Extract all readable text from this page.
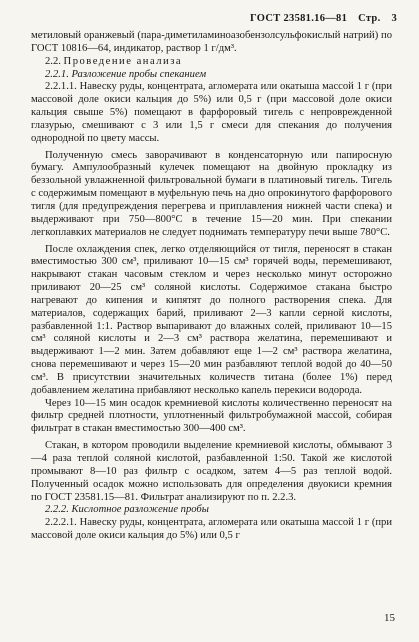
ГОСТ 23581.16—81 Стр. 3

метиловый оранжевый (пара-диметиламиноазобензолсульфокислый натрий) по ГОСТ 10816—64, индикатор, раствор 1 г/дм³.

2.2. Проведение анализа

2.2.1. Разложение пробы спеканием

2.2.1.1. Навеску руды, концентрата, агломерата или окатыша массой 1 г (при массовой доле окиси кальция до 5%) или 0,5 г (при массовой доле окиси кальция свыше 5%) помещают в фарфоровый тигель с непроврежденной глазурью, смешивают с 3 или 1,5 г смеси для спекания до получения однородной по цвету массы.

Полученную смесь заворачивают в конденсаторную или папиросную бумагу. Ампулообразный кулечек помещают на двойную прокладку из беззольной увлажненной фильтровальной бумаги в платиновый тигель. Тигель с содержимым помещают в муфельную печь на дно опрокинутого фарфорового тигля (для предупреждения перегрева и приплавления нижней части спека) и выдерживают при 750—800°С в течение 15—20 мин. При спекании легкоплавких материалов не следует поднимать температуру печи выше 780°С.

После охлаждения спек, легко отделяющийся от тигля, переносят в стакан вместимостью 300 см³, приливают 10—15 см³ горячей воды, перемешивают, накрывают стакан часовым стеклом и через несколько минут осторожно приливают 20—25 см³ соляной кислоты. Содержимое стакана быстро нагревают до кипения и кипятят до полного растворения спека. Для материалов, содержащих барий, приливают 2—3 капли серной кислоты, разбавленной 1:1. Раствор выпаривают до влажных солей, приливают 10—15 см³ соляной кислоты и 2—3 см³ раствора желатина, перемешивают и выдерживают 1—2 мин. Затем добавляют еще 1—2 см³ раствора желатина, снова перемешивают и через 15—20 мин разбавляют теплой водой до 40—50 см³. В присутствии значительных количеств титана (более 1%) перед добавлением желатина прибавляют несколько капель перекиси водорода.

Через 10—15 мин осадок кремниевой кислоты количественно переносят на фильтр средней плотности, уплотненный фильтробумажной массой, собирая фильтрат в стакан вместимостью 300—400 см³.

Стакан, в котором проводили выделение кремниевой кислоты, обмывают 3—4 раза теплой соляной кислотой, разбавленной 1:50. Такой же кислотой промывают 8—10 раз фильтр с осадком, затем 4—5 раз теплой водой. Полученный осадок можно использовать для определения двуокиси кремния по ГОСТ 23581.15—81. Фильтрат анализируют по п. 2.2.3.

2.2.2. Кислотное разложение пробы

2.2.2.1. Навеску руды, концентрата, агломерата или окатыша массой 1 г (при массовой доле окиси кальция до 5%) или 0,5 г

15
